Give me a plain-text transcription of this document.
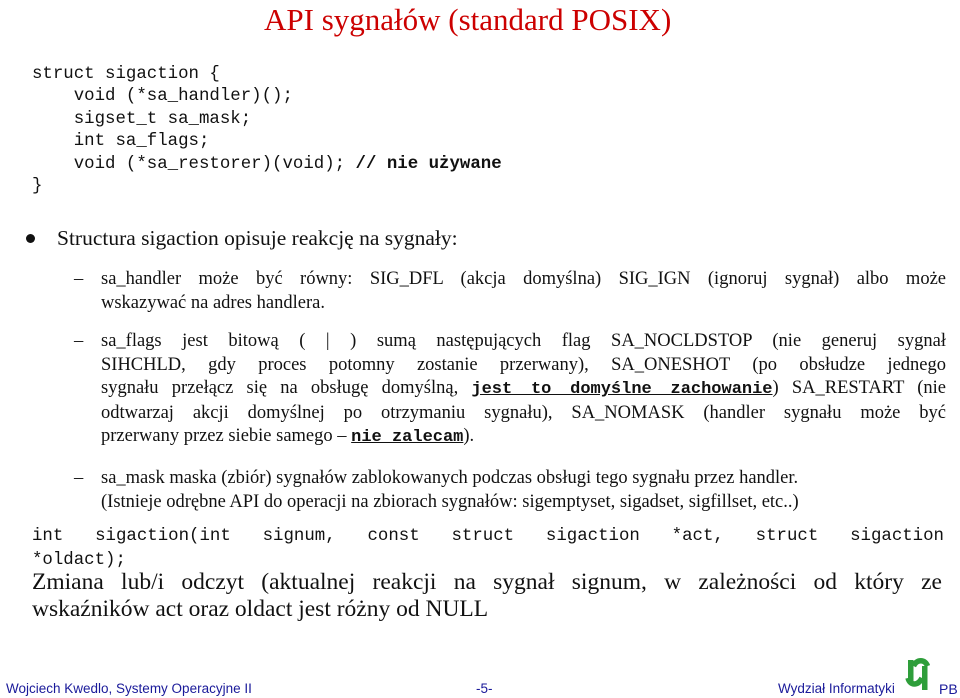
API sygnałów (standard POSIX)
struct sigaction {
void (*sa_handler)();
sigset_t sa_mask;
int sa_flags;
void (*sa_restorer)(void); // nie używane
}
Structura sigaction opisuje reakcję na sygnały:
– sa_handler może być równy: SIG_DFL (akcja domyślna) SIG_IGN (ignoruj sygnał) albo może
wskazywać na adres handlera.
– sa_flags jest bitową ( | ) sumą następujących flag SA_NOCLDSTOP (nie generuj sygnał
SIHCHLD, gdy proces potomny zostanie przerwany), SA_ONESHOT (po obsłudze jednego
sygnału przełącz się na obsługę domyślną, jest to domyślne zachowanie) SA_RESTART (nie
odtwarzaj akcji domyślnej po otrzymaniu sygnału), SA_NOMASK (handler sygnału może być
przerwany przez siebie samego – nie zalecam).
– sa_mask maska (zbiór) sygnałów zablokowanych podczas obsługi tego sygnału przez handler.
(Istnieje odrębne API do operacji na zbiorach sygnałów: sigemptyset, sigadset, sigfillset, etc..)
int sigaction(int signum, const struct sigaction *act, struct sigaction
*oldact);
Zmiana lub/i odczyt (aktualnej reakcji na sygnał signum, w zależności od który ze
wskaźników act oraz oldact jest różny od NULL
Wojciech Kwedlo, Systemy Operacyjne II	-5-	Wydział Informatyki	PB
